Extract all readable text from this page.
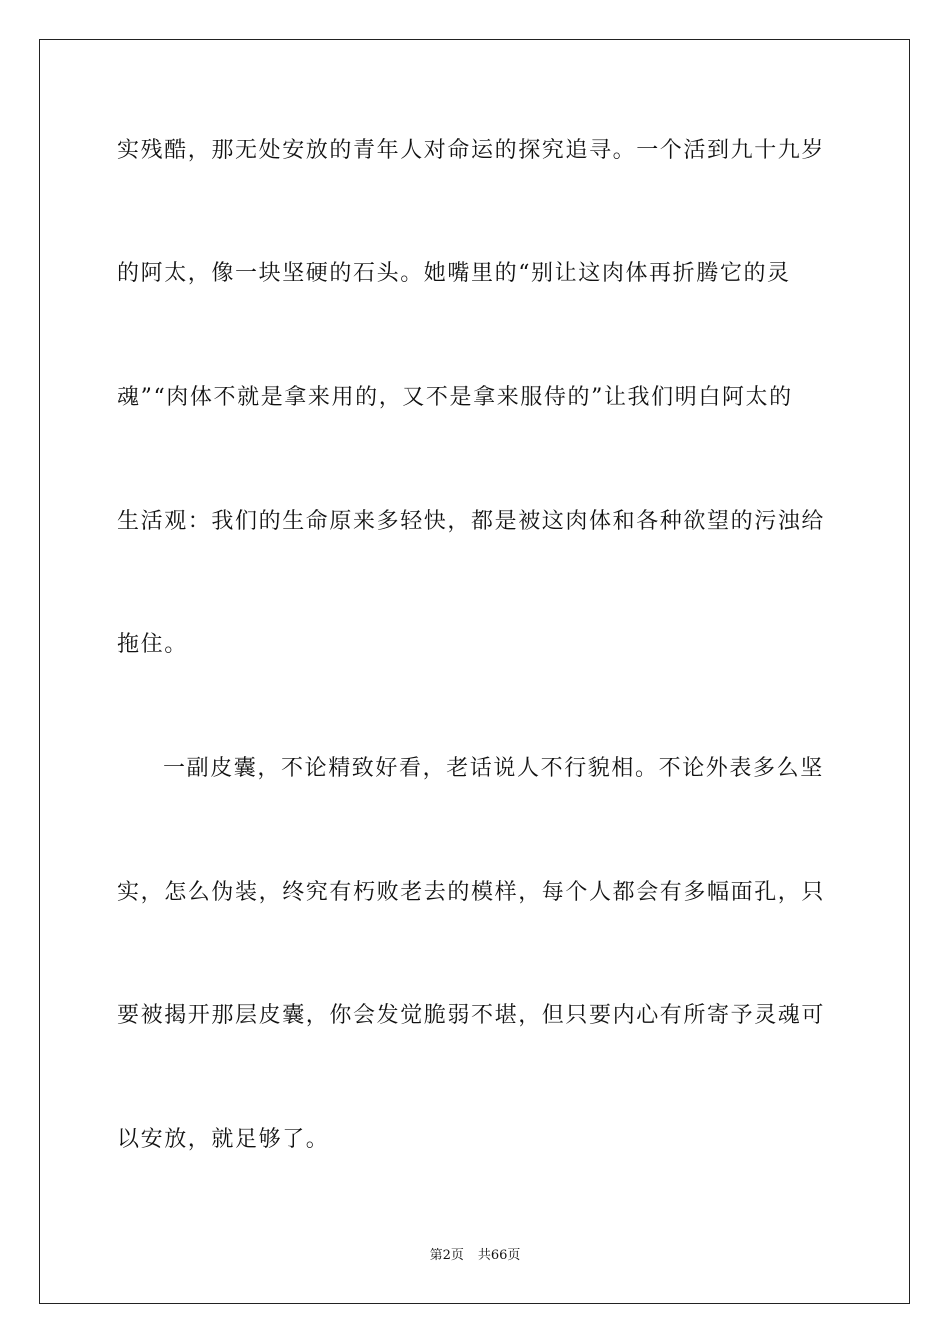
实残酷，那无处安放的青年人对命运的探究追寻。一个活到九十九岁
的阿太，像一块坚硬的石头。她嘴里的“别让这肉体再折腾它的灵
魂”“肉体不就是拿来用的，又不是拿来服侍的”让我们明白阿太的
生活观：我们的生命原来多轻快，都是被这肉体和各种欲望的污浊给
拖住。
一副皮囊，不论精致好看，老话说人不行貌相。不论外表多么坚
实，怎么伪装，终究有朽败老去的模样，每个人都会有多幅面孔，只
要被揭开那层皮囊，你会发觉脆弱不堪，但只要内心有所寄予灵魂可
以安放，就足够了。
第2页 共66页
